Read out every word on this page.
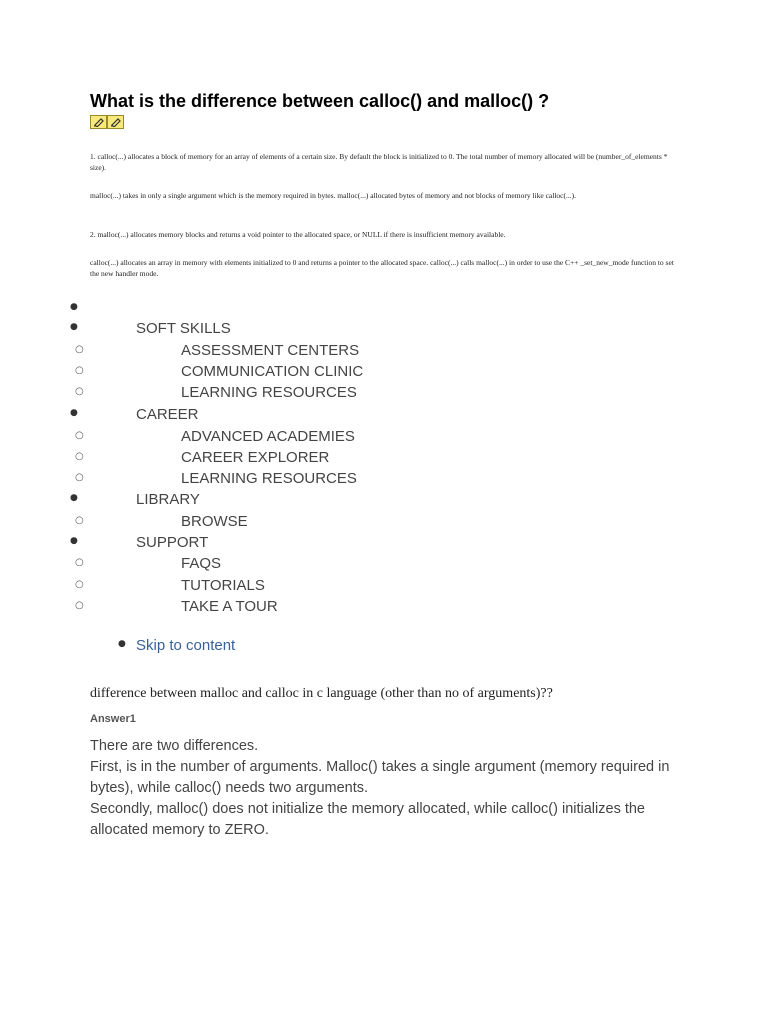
What is the difference between calloc() and malloc() ?

1. calloc(...) allocates a block of memory for an array of elements of a certain size. By default the block is initialized to 0. The total number of memory allocated will be (number_of_elements * size).

malloc(...) takes in only a single argument which is the memory required in bytes. malloc(...) allocated bytes of memory and not blocks of memory like calloc(...).

2. malloc(...) allocates memory blocks and returns a void pointer to the allocated space, or NULL if there is insufficient memory available.

calloc(...) allocates an array in memory with elements initialized to 0 and returns a pointer to the allocated space. calloc(...) calls malloc(...) in order to use the C++ _set_new_mode function to set the new handler mode.

●
●	SOFT SKILLS
○	ASSESSMENT CENTERS
○	COMMUNICATION CLINIC
○	LEARNING RESOURCES
●	CAREER
○	ADVANCED ACADEMIES
○	CAREER EXPLORER
○	LEARNING RESOURCES
●	LIBRARY
○	BROWSE
●	SUPPORT
○	FAQS
○	TUTORIALS
○	TAKE A TOUR
● Skip to content

difference between malloc and calloc in c language (other than no of arguments)??

Answer1

There are two differences.
First, is in the number of arguments. Malloc() takes a single argument (memory required in bytes), while calloc() needs two arguments.
Secondly, malloc() does not initialize the memory allocated, while calloc() initializes the allocated memory to ZERO.
